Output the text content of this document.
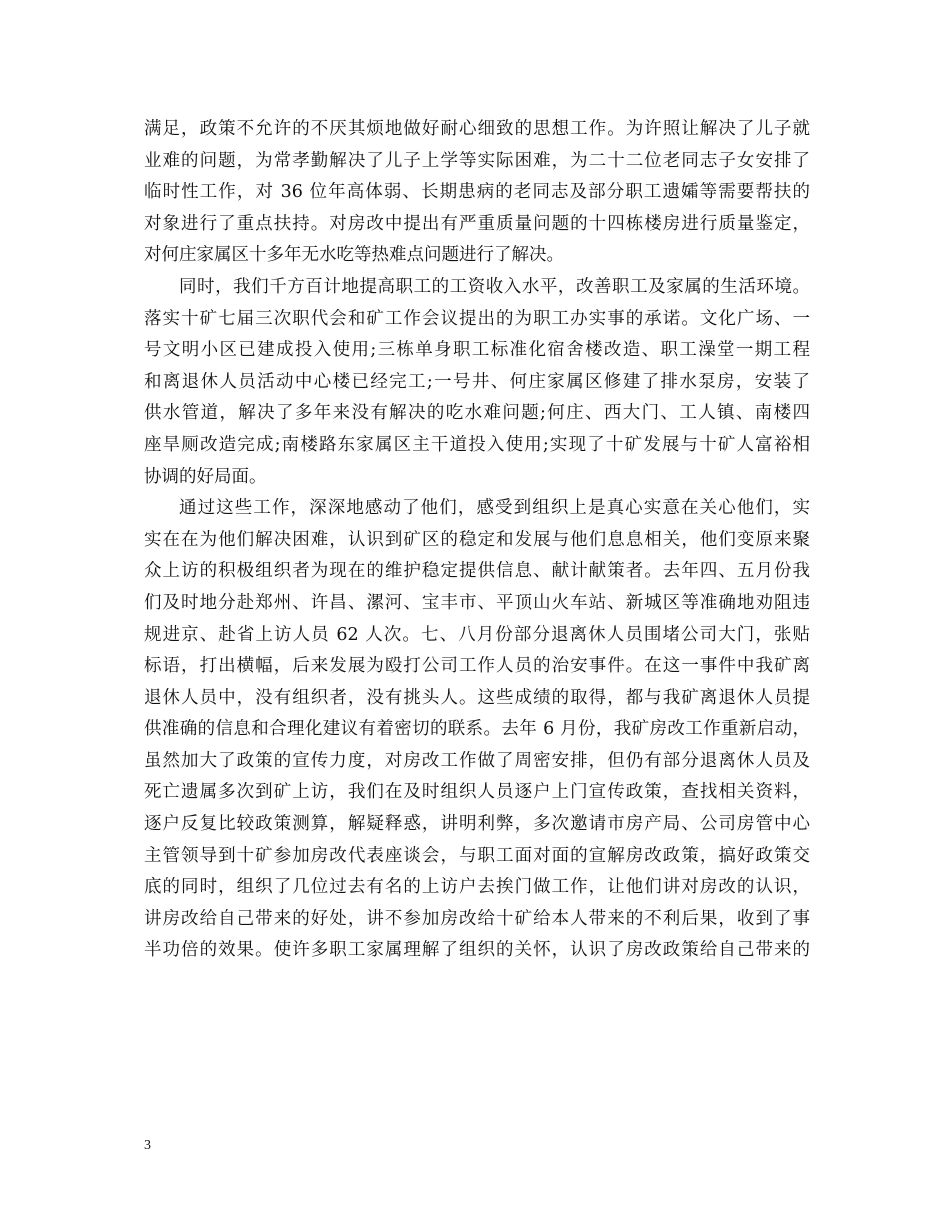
满足，政策不允许的不厌其烦地做好耐心细致的思想工作。为许照让解决了儿子就
业难的问题，为常孝勤解决了儿子上学等实际困难，为二十二位老同志子女安排了
临时性工作，对 36 位年高体弱、长期患病的老同志及部分职工遗孀等需要帮扶的
对象进行了重点扶持。对房改中提出有严重质量问题的十四栋楼房进行质量鉴定，
对何庄家属区十多年无水吃等热难点问题进行了解决。
同时，我们千方百计地提高职工的工资收入水平，改善职工及家属的生活环境。
落实十矿七届三次职代会和矿工作会议提出的为职工办实事的承诺。文化广场、一
号文明小区已建成投入使用;三栋单身职工标准化宿舍楼改造、职工澡堂一期工程
和离退休人员活动中心楼已经完工;一号井、何庄家属区修建了排水泵房，安装了
供水管道，解决了多年来没有解决的吃水难问题;何庄、西大门、工人镇、南楼四
座旱厕改造完成;南楼路东家属区主干道投入使用;实现了十矿发展与十矿人富裕相
协调的好局面。
通过这些工作，深深地感动了他们，感受到组织上是真心实意在关心他们，实
实在在为他们解决困难，认识到矿区的稳定和发展与他们息息相关，他们变原来聚
众上访的积极组织者为现在的维护稳定提供信息、献计献策者。去年四、五月份我
们及时地分赴郑州、许昌、漯河、宝丰市、平顶山火车站、新城区等准确地劝阻违
规进京、赴省上访人员 62 人次。七、八月份部分退离休人员围堵公司大门，张贴
标语，打出横幅，后来发展为殴打公司工作人员的治安事件。在这一事件中我矿离
退休人员中，没有组织者，没有挑头人。这些成绩的取得，都与我矿离退休人员提
供准确的信息和合理化建议有着密切的联系。去年 6 月份，我矿房改工作重新启动，
虽然加大了政策的宣传力度，对房改工作做了周密安排，但仍有部分退离休人员及
死亡遗属多次到矿上访，我们在及时组织人员逐户上门宣传政策，查找相关资料，
逐户反复比较政策测算，解疑释惑，讲明利弊，多次邀请市房产局、公司房管中心
主管领导到十矿参加房改代表座谈会，与职工面对面的宣解房改政策，搞好政策交
底的同时，组织了几位过去有名的上访户去挨门做工作，让他们讲对房改的认识，
讲房改给自己带来的好处，讲不参加房改给十矿给本人带来的不利后果，收到了事
半功倍的效果。使许多职工家属理解了组织的关怀，认识了房改政策给自己带来的
3
